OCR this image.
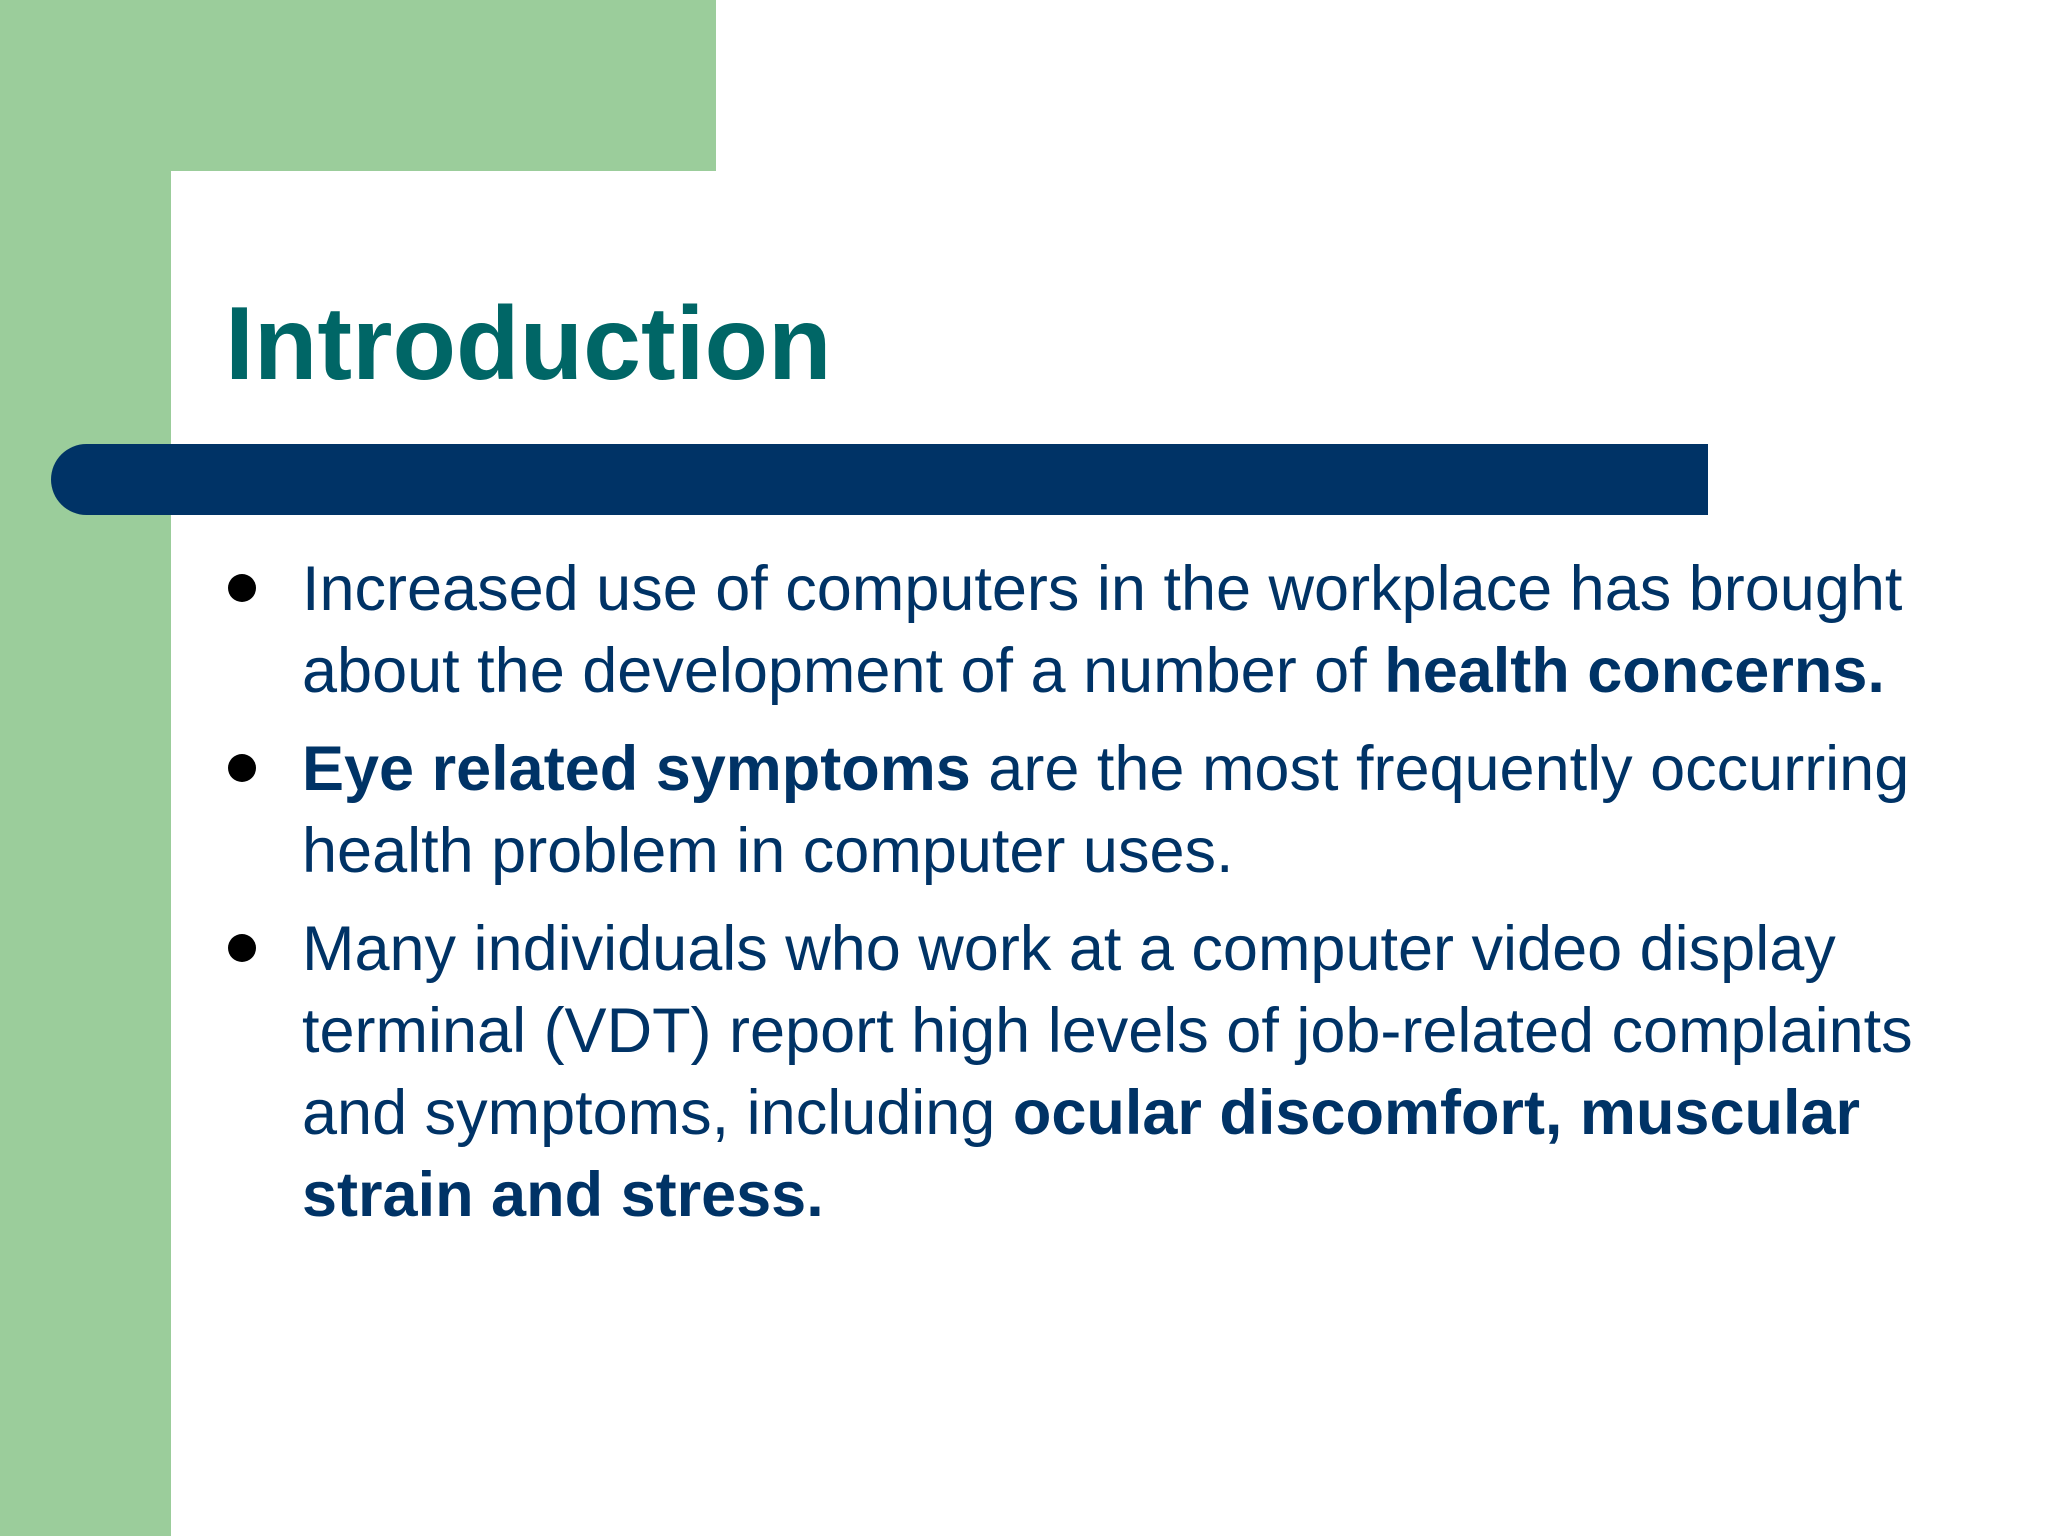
Introduction
Increased use of computers in the workplace has brought about the development of a number of health concerns.
Eye related symptoms are the most frequently occurring health problem in computer uses.
Many individuals who work at a computer video display terminal (VDT) report high levels of job-related complaints and symptoms, including ocular discomfort, muscular strain and stress.
